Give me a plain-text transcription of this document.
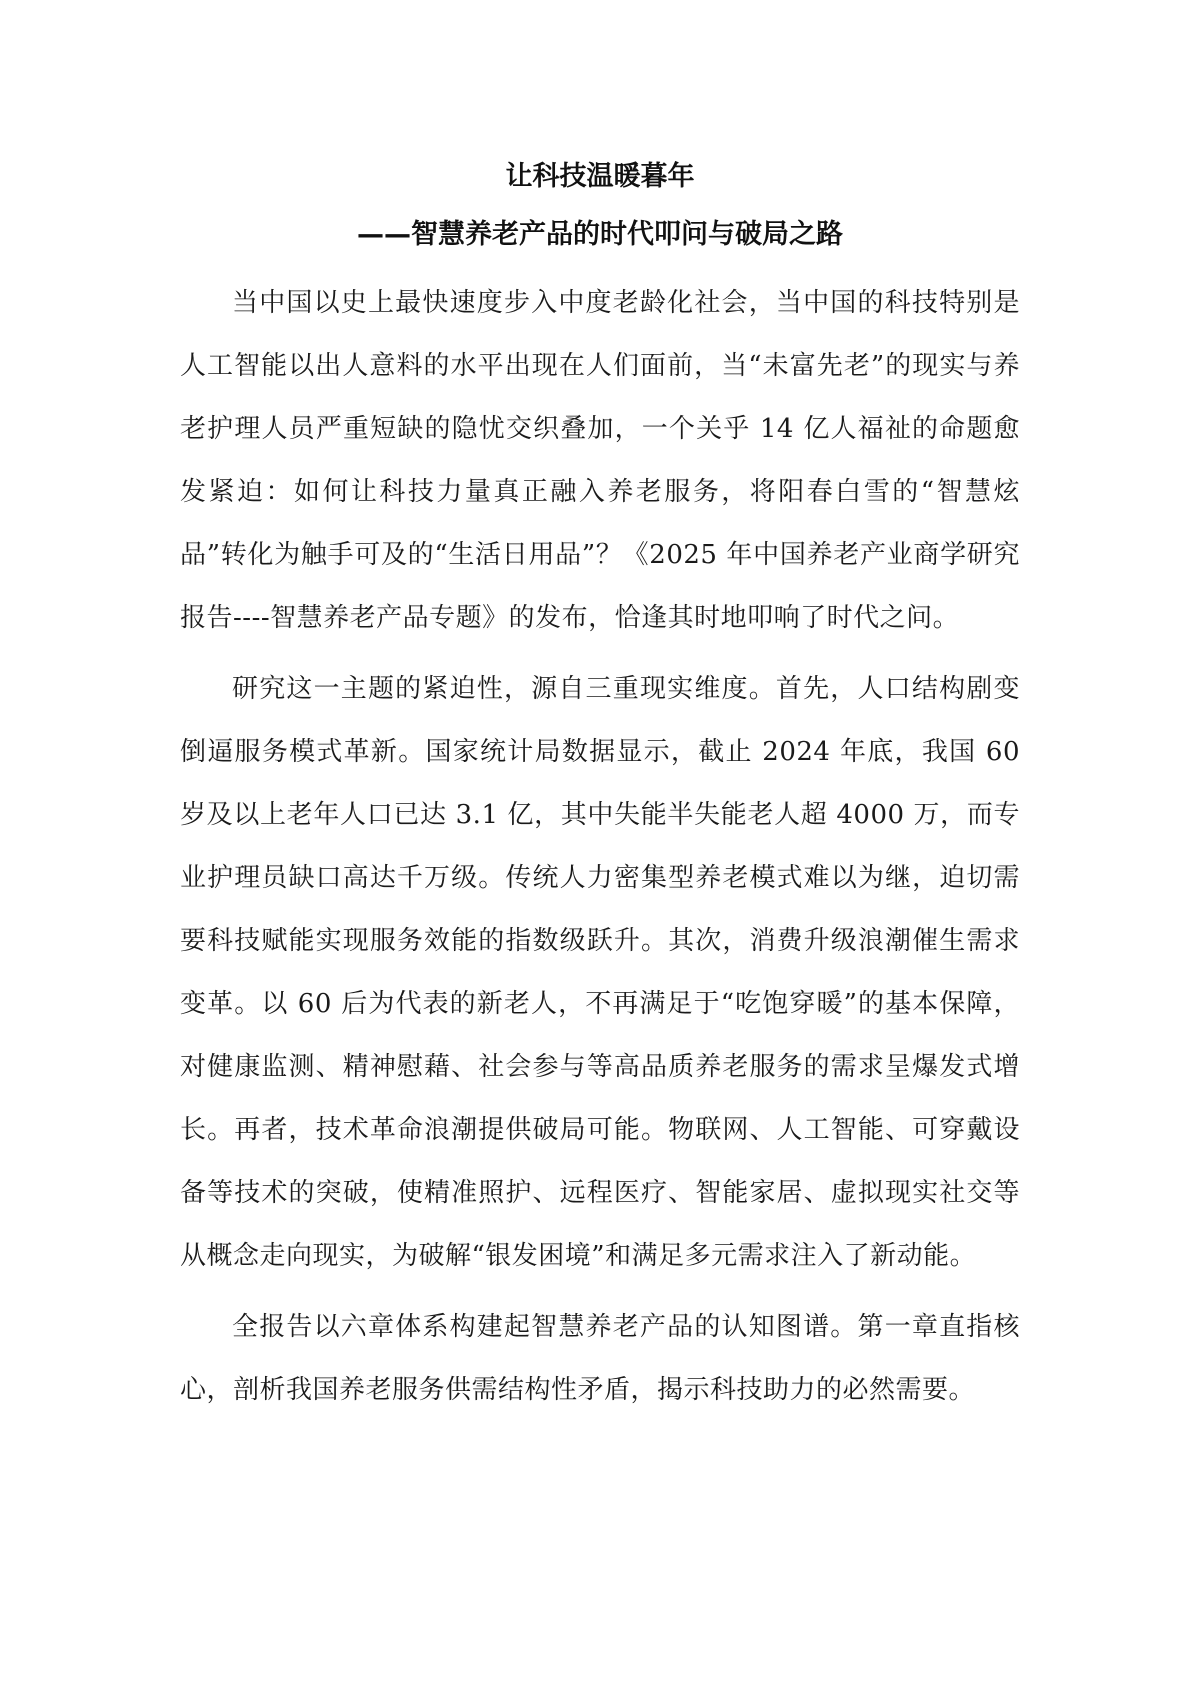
让科技温暖暮年
——智慧养老产品的时代叩问与破局之路

当中国以史上最快速度步入中度老龄化社会，当中国的科技特别是人工智能以出人意料的水平出现在人们面前，当“未富先老”的现实与养老护理人员严重短缺的隐忧交织叠加，一个关乎 14 亿人福祉的命题愈发紧迫：如何让科技力量真正融入养老服务，将阳春白雪的“智慧炫品”转化为触手可及的“生活日用品”？《2025 年中国养老产业商学研究报告----智慧养老产品专题》的发布，恰逢其时地叩响了时代之问。

研究这一主题的紧迫性，源自三重现实维度。首先，人口结构剧变倒逼服务模式革新。国家统计局数据显示，截止 2024 年底，我国 60 岁及以上老年人口已达 3.1 亿，其中失能半失能老人超 4000 万，而专业护理员缺口高达千万级。传统人力密集型养老模式难以为继，迫切需要科技赋能实现服务效能的指数级跃升。其次，消费升级浪潮催生需求变革。以 60 后为代表的新老人，不再满足于“吃饱穿暖”的基本保障，对健康监测、精神慰藉、社会参与等高品质养老服务的需求呈爆发式增长。再者，技术革命浪潮提供破局可能。物联网、人工智能、可穿戴设备等技术的突破，使精准照护、远程医疗、智能家居、虚拟现实社交等从概念走向现实，为破解“银发困境”和满足多元需求注入了新动能。

全报告以六章体系构建起智慧养老产品的认知图谱。第一章直指核心，剖析我国养老服务供需结构性矛盾，揭示科技助力的必然需要。
